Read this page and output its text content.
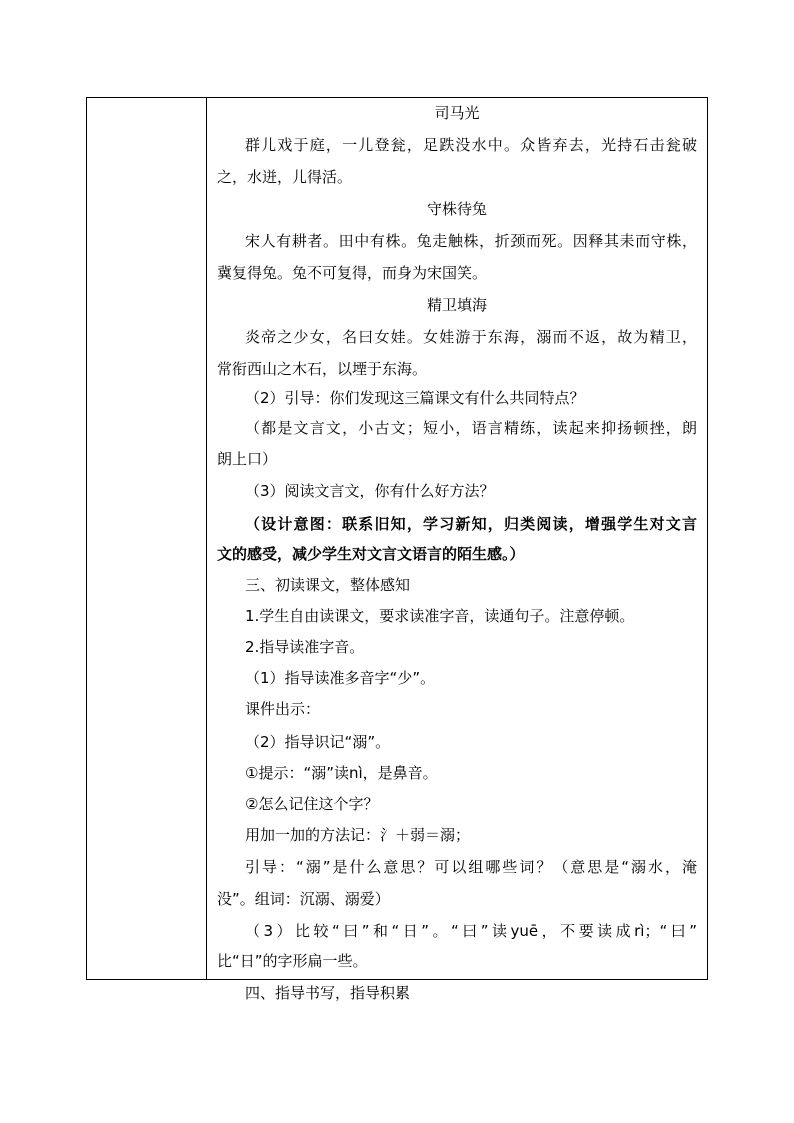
司马光
群儿戏于庭，一儿登瓮，足跌没水中。众皆弃去，光持石击瓮破
之，水迸，儿得活。
守株待兔
宋人有耕者。田中有株。兔走触株，折颈而死。因释其耒而守株，
冀复得兔。兔不可复得，而身为宋国笑。
精卫填海
炎帝之少女，名曰女娃。女娃游于东海，溺而不返，故为精卫，
常衔西山之木石，以堙于东海。
（2）引导：你们发现这三篇课文有什么共同特点？
（都是文言文，小古文；短小，语言精练，读起来抑扬顿挫，朗
朗上口）
（3）阅读文言文，你有什么好方法？
（设计意图：联系旧知，学习新知，归类阅读，增强学生对文言
文的感受，减少学生对文言文语言的陌生感。）
三、初读课文，整体感知
1.学生自由读课文，要求读准字音，读通句子。注意停顿。
2.指导读准字音。
（1）指导读准多音字“少”。
课件出示：
（2）指导识记“溺”。
①提示：“溺”读nì，是鼻音。
②怎么记住这个字？
用加一加的方法记：氵＋弱＝溺；
引导：“溺”是什么意思？可以组哪些词？（意思是“溺水，淹
没”。组词：沉溺、溺爱）
（3）比较“曰”和“日”。“曰”读yuē，不要读成rì；“曰”
比“日”的字形扁一些。
四、指导书写，指导积累
